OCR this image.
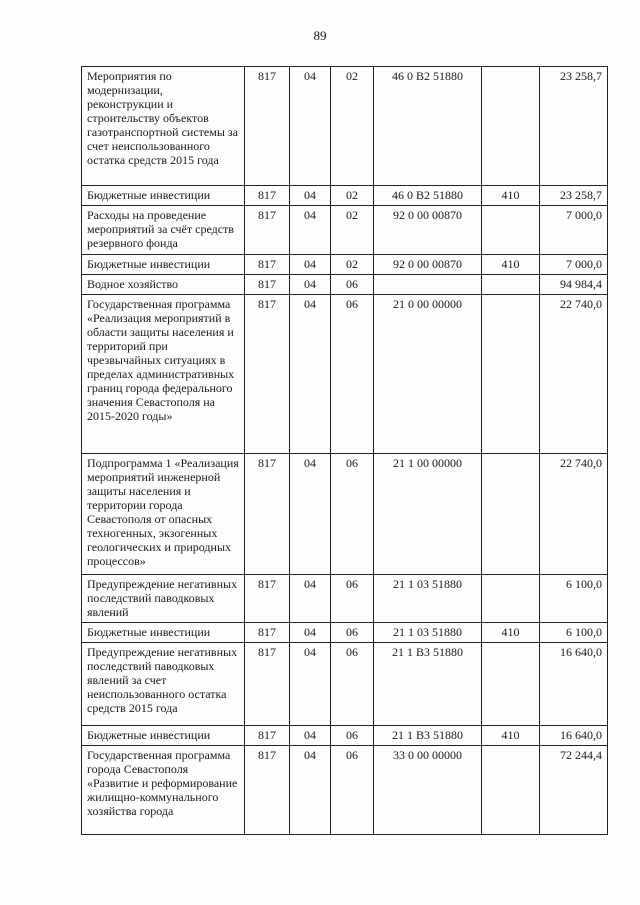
89
Мероприятия по модернизации, реконструкции и строительству объектов газотранспортной системы за счет неиспользованного остатка средств 2015 года	817	04	02	46 0 В2 51880		23 258,7
Бюджетные инвестиции	817	04	02	46 0 В2 51880	410	23 258,7
Расходы на проведение мероприятий за счёт средств резервного фонда	817	04	02	92 0 00 00870		7 000,0
Бюджетные инвестиции	817	04	02	92 0 00 00870	410	7 000,0
Водное хозяйство	817	04	06			94 984,4
Государственная программа «Реализация мероприятий в области защиты населения и территорий при чрезвычайных ситуациях в пределах административных границ города федерального значения Севастополя на 2015-2020 годы»	817	04	06	21 0 00 00000		22 740,0
Подпрограмма 1 «Реализация мероприятий инженерной защиты населения и территории города Севастополя от опасных техногенных, экзогенных геологических и природных процессов»	817	04	06	21 1 00 00000		22 740,0
Предупреждение негативных последствий паводковых явлений	817	04	06	21 1 03 51880		6 100,0
Бюджетные инвестиции	817	04	06	21 1 03 51880	410	6 100,0
Предупреждение негативных последствий паводковых явлений за счет неиспользованного остатка средств 2015 года	817	04	06	21 1 В3 51880		16 640,0
Бюджетные инвестиции	817	04	06	21 1 В3 51880	410	16 640,0
Государственная программа города Севастополя «Развитие и реформирование жилищно-коммунального хозяйства города	817	04	06	33 0 00 00000		72 244,4
